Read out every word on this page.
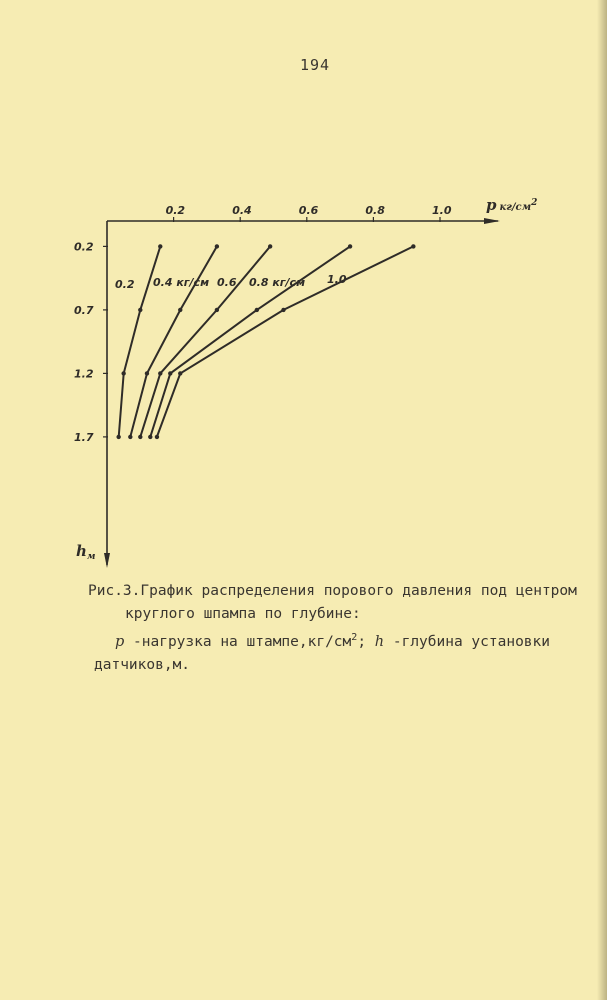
194
0.2	0.4	0.6	0.8	1.0
0.2
0.7
1.2
1.7
pкг/$см^2$
$h_м$
0.2 0.4 кг/см 0.6 0.8 кг/см 1.0
Рис.3.График распределения порового давления под центром
круглого шпампа по глубине:
p -нагрузка на $штампе,кг/см^2$; h -глубина установки
датчиков,м.
